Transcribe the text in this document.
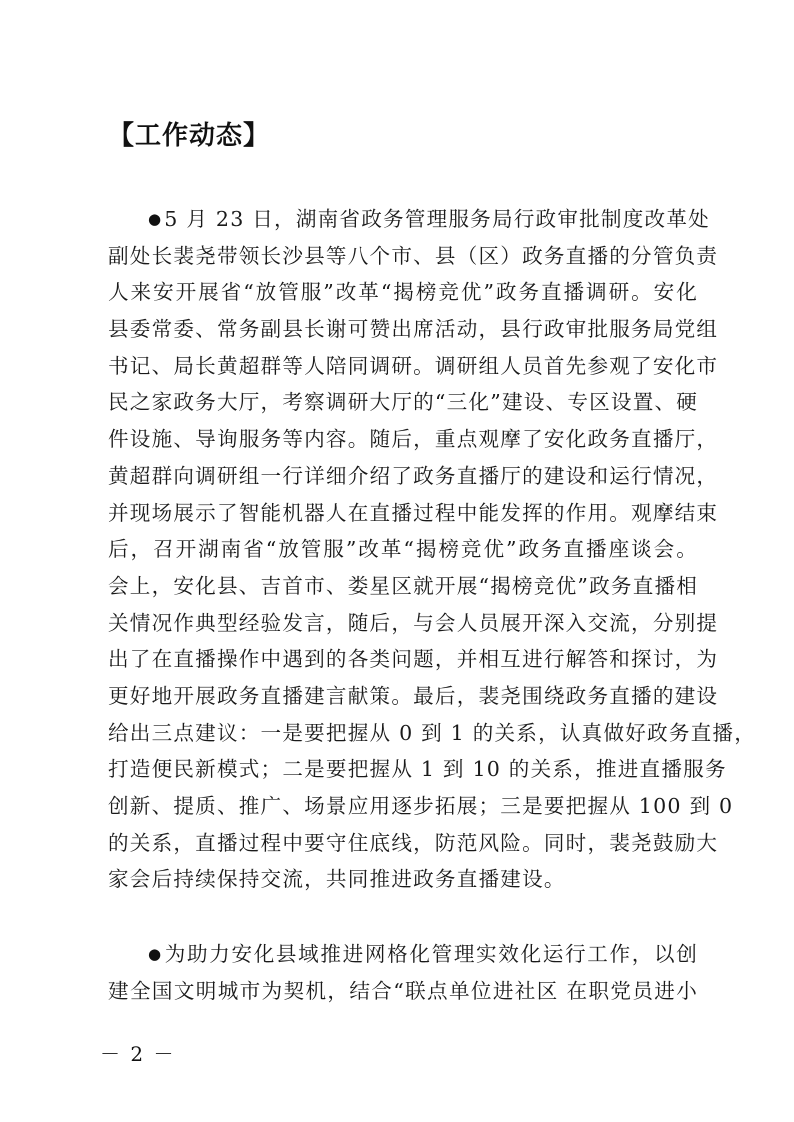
【工作动态】
●5 月 23 日，湖南省政务管理服务局行政审批制度改革处
副处长裴尧带领长沙县等八个市、县（区）政务直播的分管负责
人来安开展省“放管服”改革“揭榜竞优”政务直播调研。安化
县委常委、常务副县长谢可赞出席活动，县行政审批服务局党组
书记、局长黄超群等人陪同调研。调研组人员首先参观了安化市
民之家政务大厅，考察调研大厅的“三化”建设、专区设置、硬
件设施、导询服务等内容。随后，重点观摩了安化政务直播厅，
黄超群向调研组一行详细介绍了政务直播厅的建设和运行情况，
并现场展示了智能机器人在直播过程中能发挥的作用。观摩结束
后，召开湖南省“放管服”改革“揭榜竞优”政务直播座谈会。
会上，安化县、吉首市、娄星区就开展“揭榜竞优”政务直播相
关情况作典型经验发言，随后，与会人员展开深入交流，分别提
出了在直播操作中遇到的各类问题，并相互进行解答和探讨，为
更好地开展政务直播建言献策。最后，裴尧围绕政务直播的建设
给出三点建议：一是要把握从 0 到 1 的关系，认真做好政务直播，
打造便民新模式；二是要把握从 1 到 10 的关系，推进直播服务
创新、提质、推广、场景应用逐步拓展；三是要把握从 100 到 0
的关系，直播过程中要守住底线，防范风险。同时，裴尧鼓励大
家会后持续保持交流，共同推进政务直播建设。
●为助力安化县域推进网格化管理实效化运行工作，以创
建全国文明城市为契机，结合“联点单位进社区 在职党员进小
－ 2 －
